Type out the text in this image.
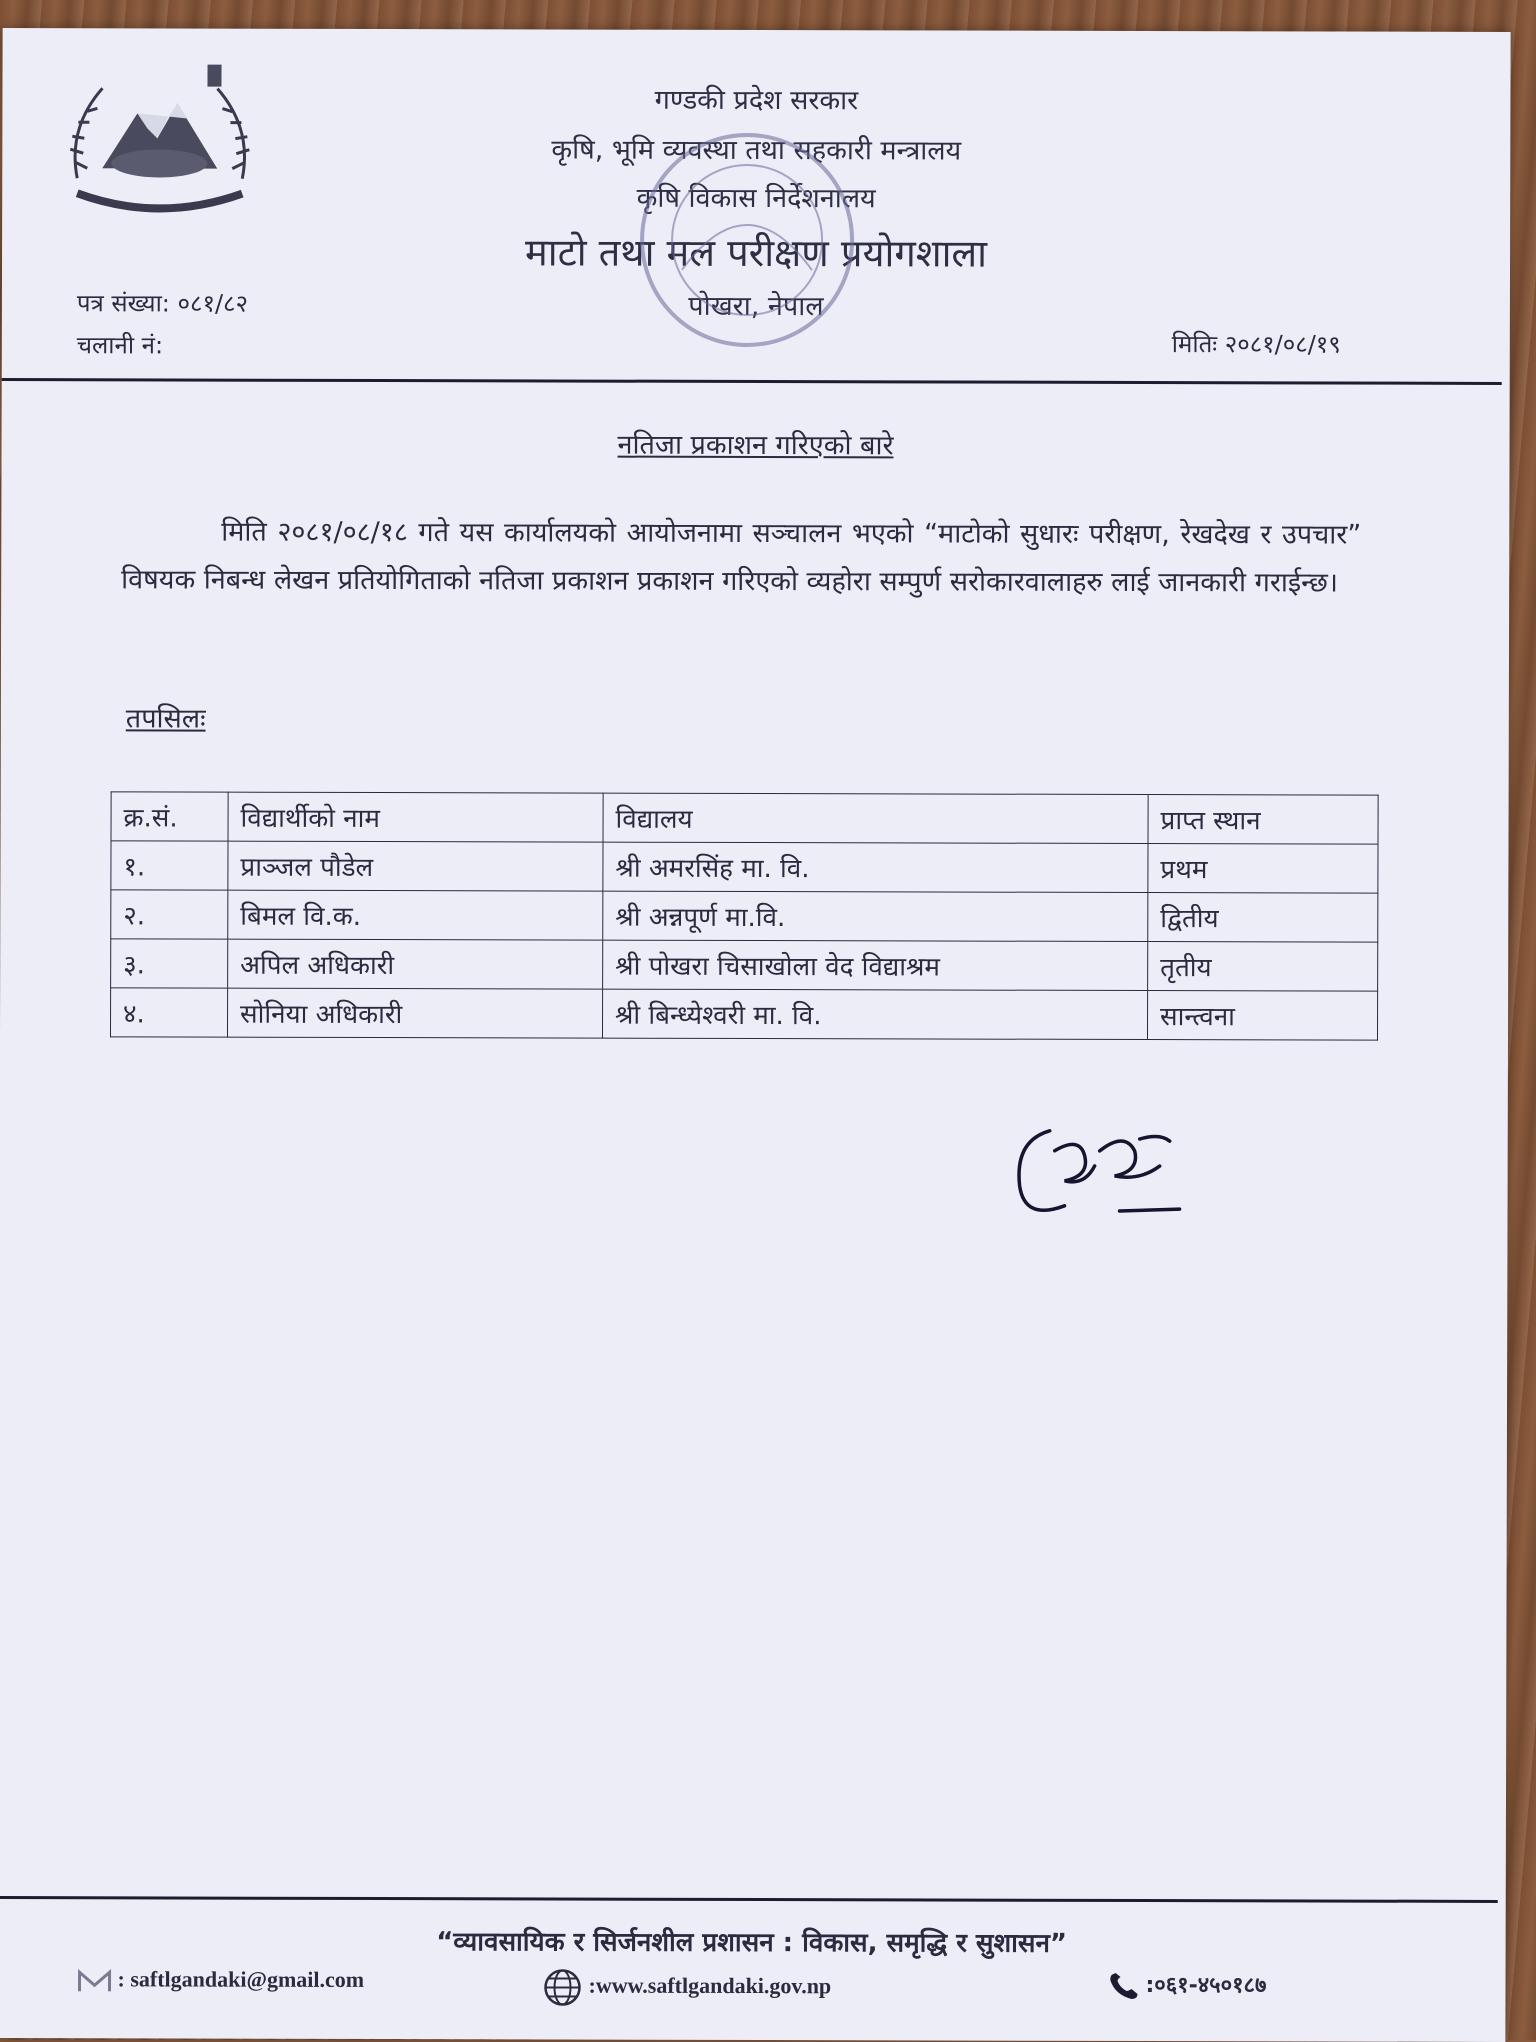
गण्डकी प्रदेश सरकार
कृषि, भूमि व्यवस्था तथा सहकारी मन्त्रालय
कृषि विकास निर्देशनालय
माटो तथा मल परीक्षण प्रयोगशाला
पोखरा, नेपाल
पत्र संख्या: ०८१/८२
चलानी नं:	मितिः २०८१/०८/१९
नतिजा प्रकाशन गरिएको बारे
मिति २०८१/०८/१८ गते यस कार्यालयको आयोजनामा सञ्चालन भएको “माटोको सुधारः परीक्षण, रेखदेख र उपचार” विषयक निबन्ध लेखन प्रतियोगिताको नतिजा प्रकाशन प्रकाशन गरिएको व्यहोरा सम्पुर्ण सरोकारवालाहरु लाई जानकारी गराईन्छ।
तपसिलः
क्र.सं.	विद्यार्थीको नाम	विद्यालय	प्राप्त स्थान
१.	प्राञ्जल पौडेल	श्री अमरसिंह मा. वि.	प्रथम
२.	बिमल वि.क.	श्री अन्नपूर्ण मा.वि.	द्वितीय
३.	अपिल अधिकारी	श्री पोखरा चिसाखोला वेद विद्याश्रम	तृतीय
४.	सोनिया अधिकारी	श्री बिन्ध्येश्वरी मा. वि.	सान्त्वना
“व्यावसायिक र सिर्जनशील प्रशासन : विकास, समृद्धि र सुशासन”
: saftlgandaki@gmail.com	:www.saftlgandaki.gov.np	:०६१-४५०१८७
